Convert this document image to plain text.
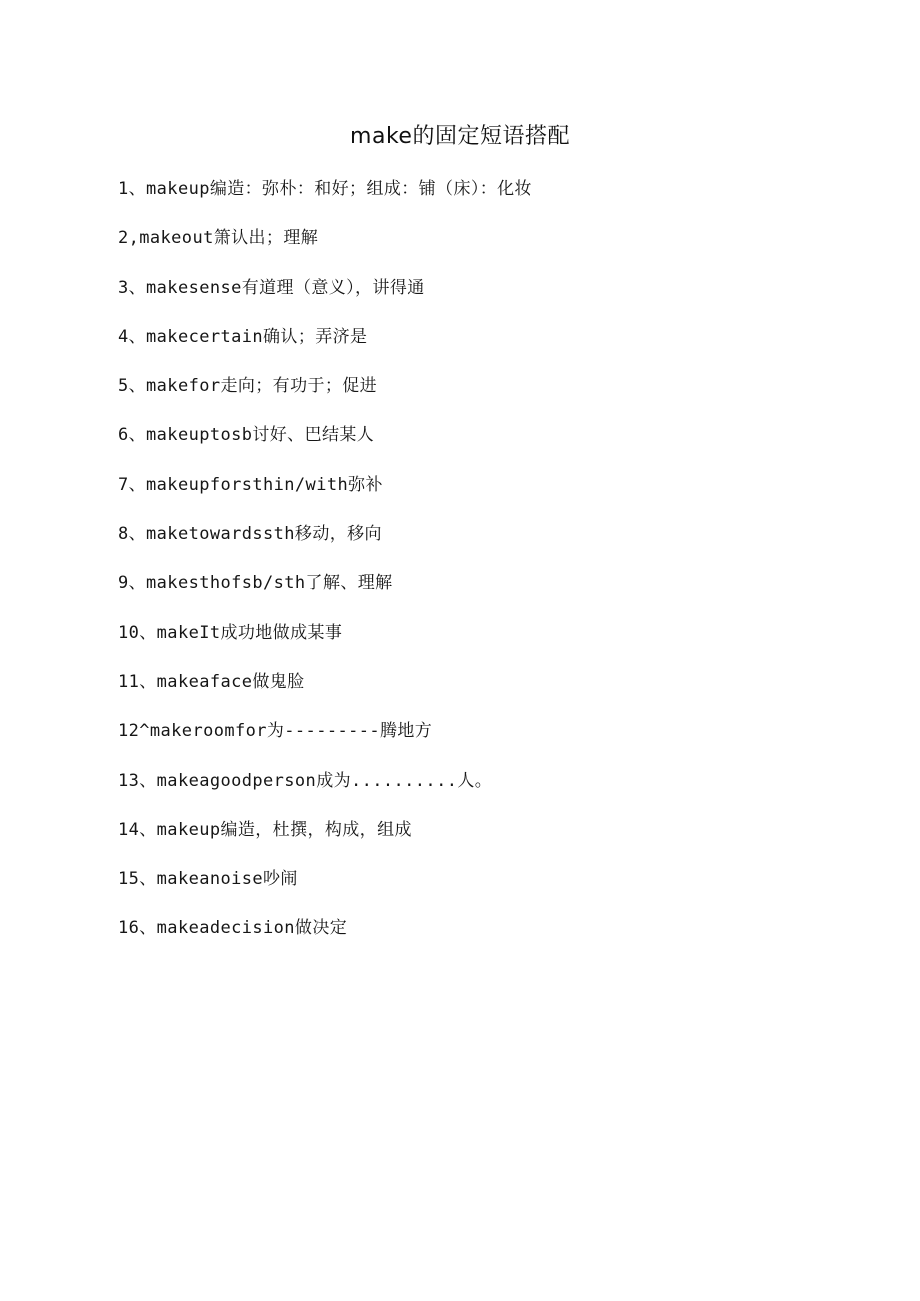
make的固定短语搭配
1、makeup编造：弥朴：和好；组成：铺（床）：化妆
2,makeout箫认出；理解
3、makesense有道理（意义），讲得通
4、makecertain确认；弄济是
5、makefor走向；有功于；促进
6、makeuptosb讨好、巴结某人
7、makeupforsthin/with弥补
8、maketowardssth移动，移向
9、makesthofsb/sth了解、理解
10、makeIt成功地做成某事
11、makeaface做鬼脸
12^makeroomfor为---------腾地方
13、makeagoodperson成为..........人。
14、makeup编造，杜撰，构成，组成
15、makeanoise吵闹
16、makeadecision做决定
